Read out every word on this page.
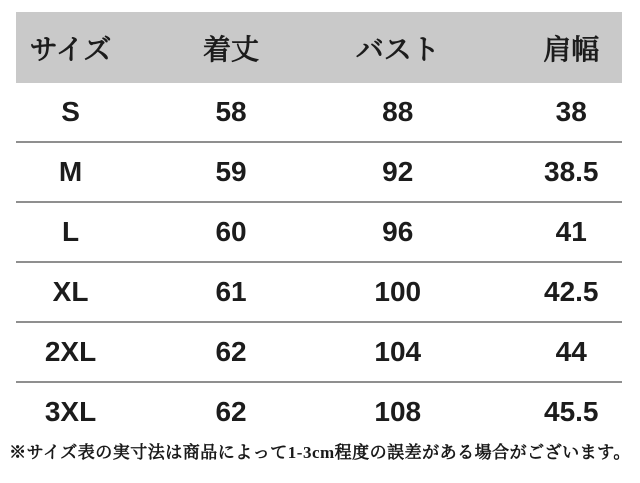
サイズ	着丈	バスト	肩幅
S	58	88	38
M	59	92	38.5
L	60	96	41
XL	61	100	42.5
2XL	62	104	44
3XL	62	108	45.5
※サイズ表の実寸法は商品によって1-3cm程度の誤差がある場合がございます。
